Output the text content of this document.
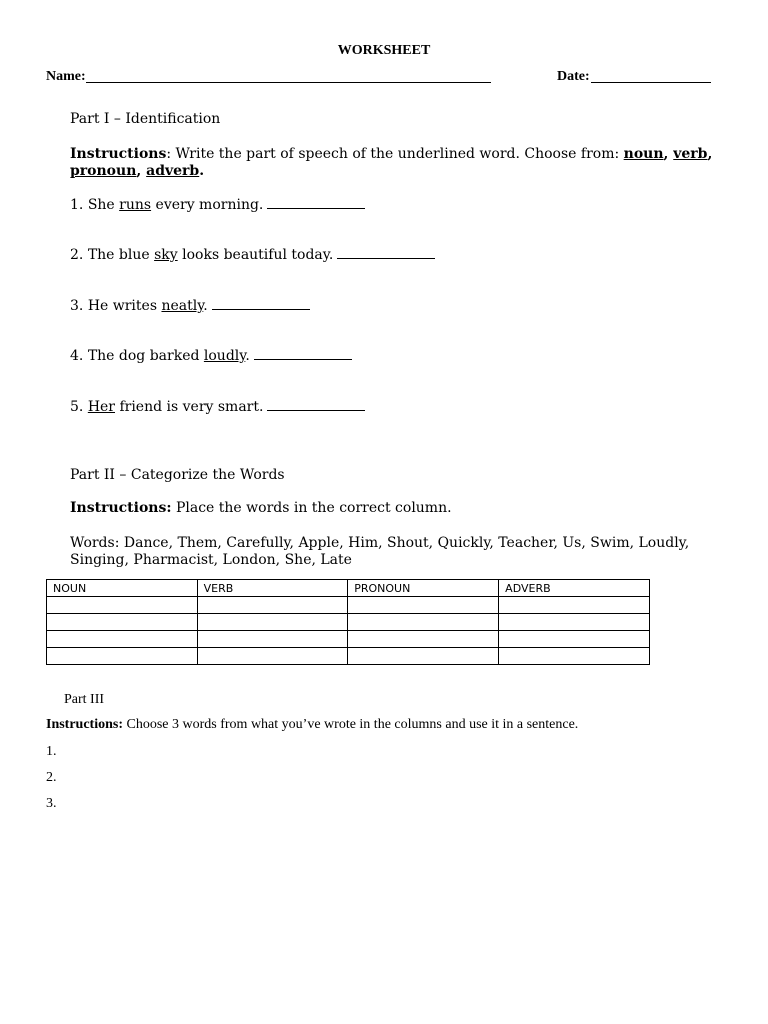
WORKSHEET
Name:	Date:
Part I – Identification
Instructions: Write the part of speech of the underlined word. Choose from: noun, verb, pronoun, adverb.
1. She runs every morning.
2. The blue sky looks beautiful today.
3. He writes neatly.
4. The dog barked loudly.
5. Her friend is very smart.
Part II – Categorize the Words
Instructions: Place the words in the correct column.
Words: Dance, Them, Carefully, Apple, Him, Shout, Quickly, Teacher, Us, Swim, Loudly, Singing, Pharmacist, London, She, Late
NOUN	VERB	PRONOUN	ADVERB

Part III
Instructions: Choose 3 words from what you’ve wrote in the columns and use it in a sentence.
1.
2.
3.
